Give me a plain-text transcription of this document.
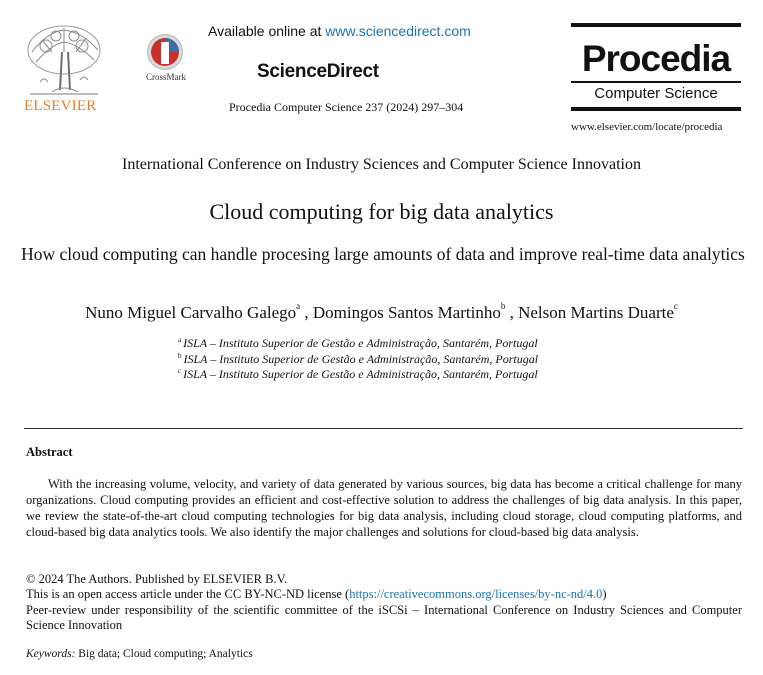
ELSEVIER
CrossMark
Available online at www.sciencedirect.com
ScienceDirect
Procedia Computer Science 237 (2024) 297–304
Procedia
Computer Science
www.elsevier.com/locate/procedia
International Conference on Industry Sciences and Computer Science Innovation
Cloud computing for big data analytics
How cloud computing can handle procesing large amounts of data and improve real-time data analytics
Nuno Miguel Carvalho Galego$^a$ , Domingos Santos Martinho$^b$ , Nelson Martins Duarte$^c$
$^a$ ISLA – Instituto Superior de Gestão e Administração, Santarém, Portugal
$^b$ ISLA – Instituto Superior de Gestão e Administração, Santarém, Portugal
$^c$ ISLA – Instituto Superior de Gestão e Administração, Santarém, Portugal
Abstract
With the increasing volume, velocity, and variety of data generated by various sources, big data has become a critical challenge for many organizations. Cloud computing provides an efficient and cost-effective solution to address the challenges of big data analysis. In this paper, we review the state-of-the-art cloud computing technologies for big data analysis, including cloud storage, cloud computing platforms, and cloud-based big data analytics tools. We also identify the major challenges and solutions for cloud-based big data analysis.
© 2024 The Authors. Published by ELSEVIER B.V.
This is an open access article under the CC BY-NC-ND license (https://creativecommons.org/licenses/by-nc-nd/4.0)
Peer-review under responsibility of the scientific committee of the iSCSi – International Conference on Industry Sciences and Computer Science Innovation
Keywords: Big data; Cloud computing; Analytics
